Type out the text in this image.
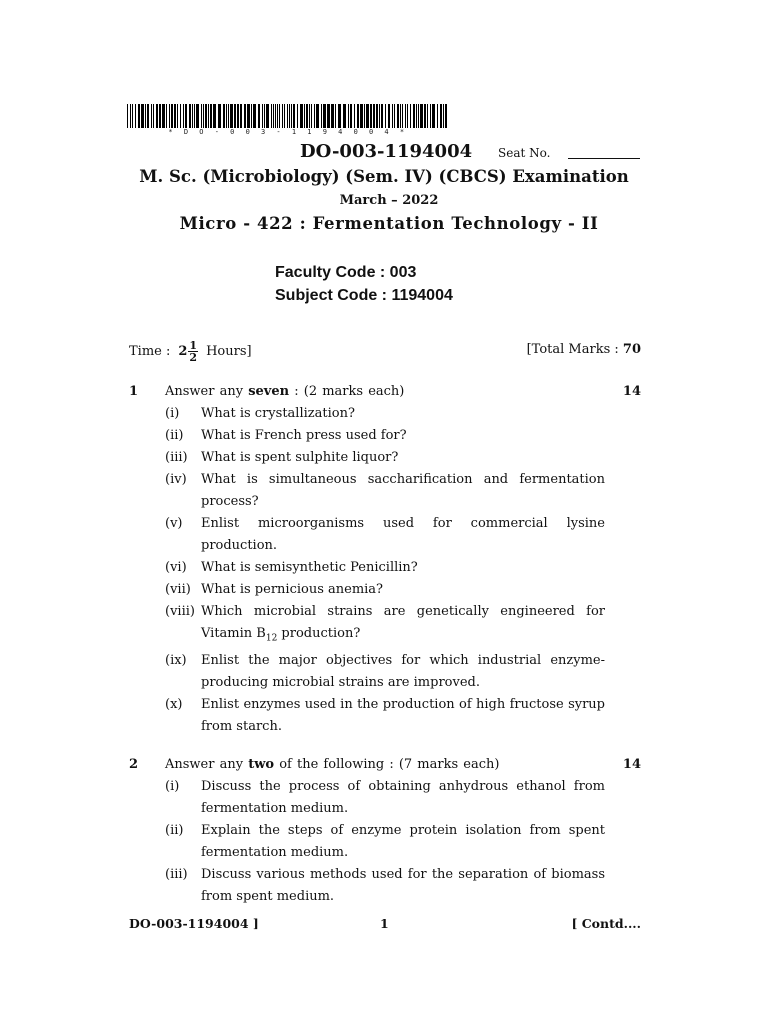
* D O - 0 0 3 - 1 1 9 4 0 0 4 *
DO-003-1194004 Seat No.
M. Sc. (Microbiology) (Sem. IV) (CBCS) Examination
March – 2022
Micro - 422 : Fermentation Technology - II
Faculty Code : 003
Subject Code : 1194004
Time : $2 \frac{1}{2}$ Hours]	[Total Marks : 70
1 Answer any seven : (2 marks each)	14
(i)	What is crystallization?
(ii)	What is French press used for?
(iii)	What is spent sulphite liquor?
(iv)	What is simultaneous saccharification and fermentation process?
(v)	Enlist microorganisms used for commercial lysine production.
(vi)	What is semisynthetic Penicillin?
(vii) What is pernicious anemia?
(viii) Which microbial strains are genetically engineered for Vitamin $B_{12}$ production?
(ix)	Enlist the major objectives for which industrial enzyme-producing microbial strains are improved.
(x)	Enlist enzymes used in the production of high fructose syrup from starch.
2 Answer any two of the following : (7 marks each)	14
(i)	Discuss the process of obtaining anhydrous ethanol from fermentation medium.
(ii)	Explain the steps of enzyme protein isolation from spent fermentation medium.
(iii)	Discuss various methods used for the separation of biomass from spent medium.
DO-003-1194004 ]	1	[ Contd....
